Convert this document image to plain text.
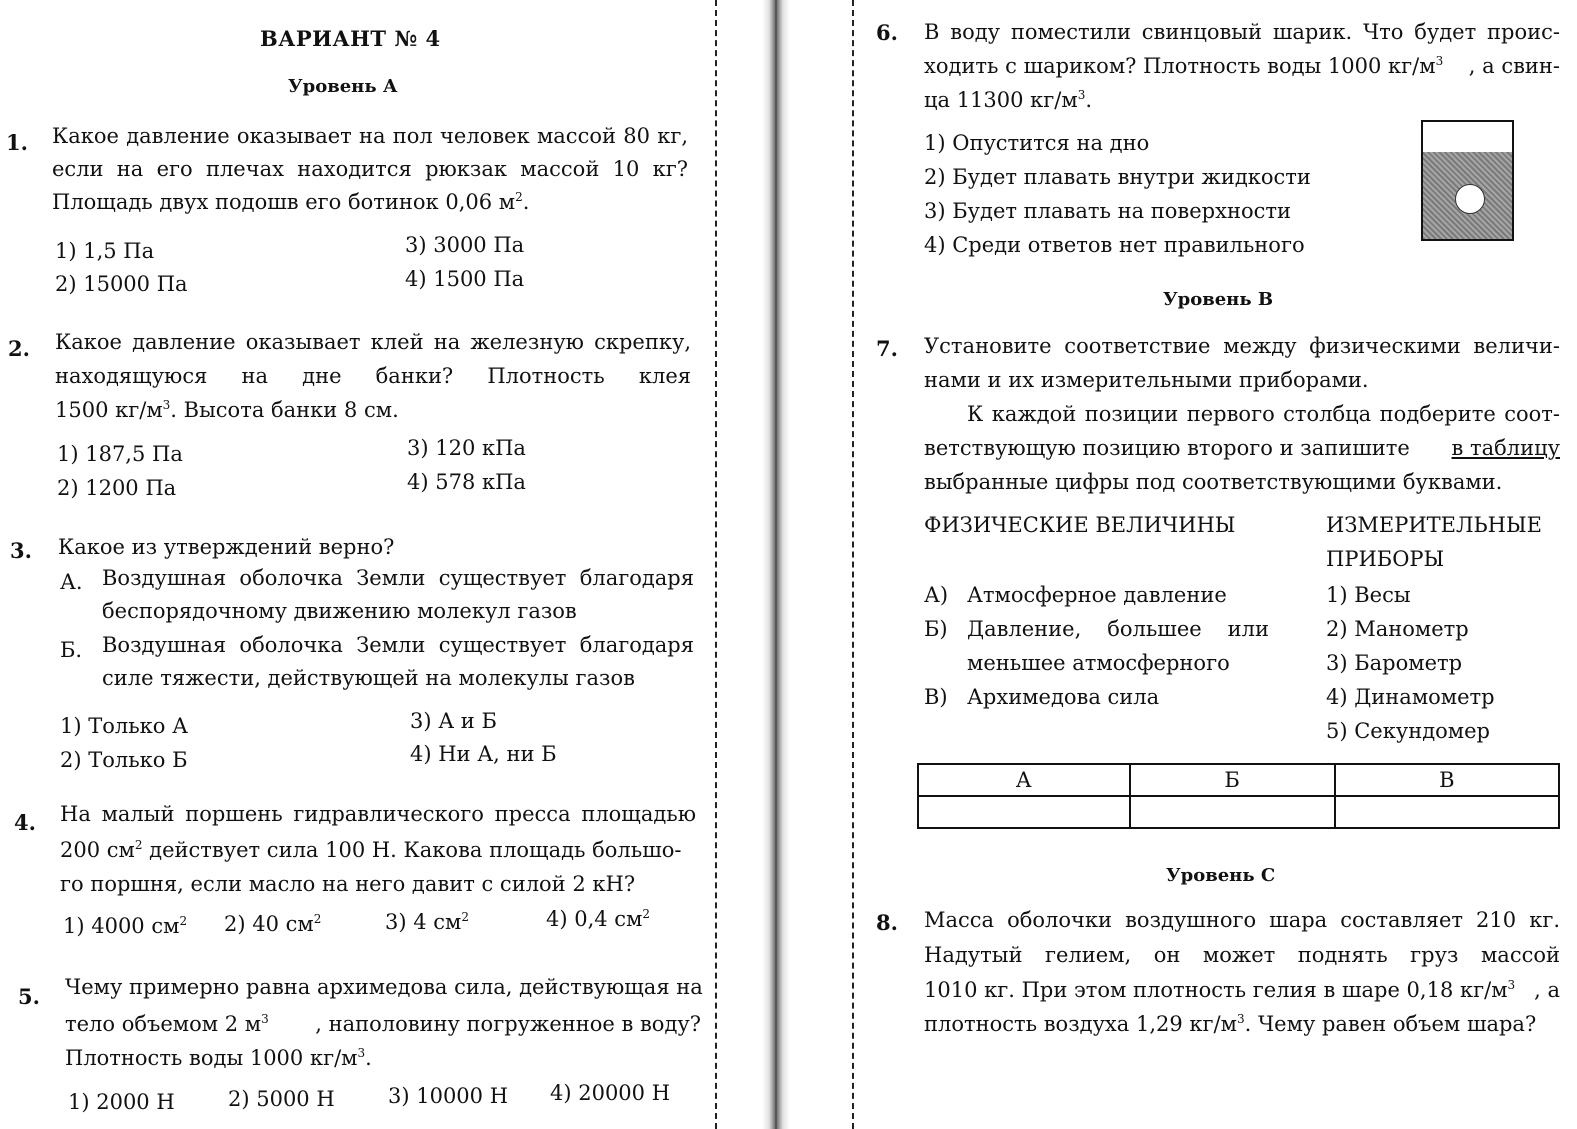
ВАРИАНТ № 4
Уровень А
1. Какое давление оказывает на пол человек массой 80 кг,
если на его плечах находится рюкзак массой 10 кг?
Площадь двух подошв его ботинок 0,06 $м^2$.
1) 1,5 Па
2) 15000 Па
3) 3000 Па
4) 1500 Па
2. Какое давление оказывает клей на железную скрепку,
находящуюся на дне банки? Плотность клея
1500 $кг/м^3$. Высота банки 8 см.
1) 187,5 Па
2) 1200 Па
3) 120 кПа
4) 578 кПа
3. Какое из утверждений верно?
А. Воздушная оболочка Земли существует благодаря
беспорядочному движению молекул газов
Б. Воздушная оболочка Земли существует благодаря
силе тяжести, действующей на молекулы газов
1) Только А
2) Только Б
3) А и Б
4) Ни А, ни Б
4. На малый поршень гидравлического пресса площадью
200 $см^2$ действует сила 100 Н. Какова площадь большо-
го поршня, если масло на него давит с силой 2 кН?
1) 4000 $см^2$ 2) 40 $см^2$	3) 4 $см^2$	4) 0,4 $см^2$
5. Чему примерно равна архимедова сила, действующая на
тело объемом 2 $м^3$ , наполовину погруженное в воду?
Плотность воды 1000 $кг/м^3$.
1) 2000 Н	2) 5000 Н	3) 10000 Н 4) 20000 Н
6. В воду поместили свинцовый шарик. Что будет проис-
ходить с шариком? Плотность воды 1000 $кг/м^3$ , а свин-
ца 11300 $кг/м^3$.
1) Опустится на дно
2) Будет плавать внутри жидкости
3) Будет плавать на поверхности
4) Среди ответов нет правильного
Уровень В
7. Установите соответствие между физическими величи-
нами и их измерительными приборами.
К каждой позиции первого столбца подберите соот-
ветствующую позицию второго и запишите в таблицу
выбранные цифры под соответствующими буквами.
ФИЗИЧЕСКИЕ ВЕЛИЧИНЫ	ИЗМЕРИТЕЛЬНЫЕ
ПРИБОРЫ
А) Атмосферное давление
Б) Давление, большее или
меньшее атмосферного
В) Архимедова сила
1) Весы
2) Манометр
3) Барометр
4) Динамометр
5) Секундомер
А	Б	В

Уровень С
8. Масса оболочки воздушного шара составляет 210 кг.
Надутый гелием, он может поднять груз массой
1010 кг. При этом плотность гелия в шаре 0,18 $кг/м^3$ , а
плотность воздуха 1,29 $кг/м^3$. Чему равен объем шара?
